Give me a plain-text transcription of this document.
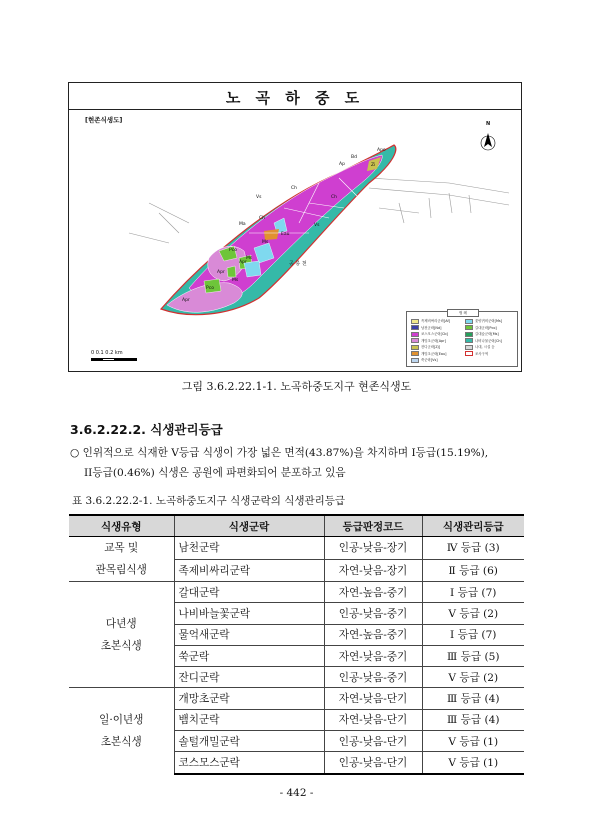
Ape
Ap
Bd
Ch
Ch
Ch
Vs
Vs
Ms
Ms
Eau
Pco
Pco
Apr
Apr
Apr
Ms
Zi
Ma
공 릉 천
노 곡 하 중 도
[현존식생도]	N
0 0.1 0.2 km
범 례
족제비싸리군락[Af]
남천군락[Nd]
코스모스군락[Cb]
개망초군락[Apr]
잔디군락[Zj]
개망초군락[Eau]
쑥군락[Vs]
꽃양귀비군락[Ms]
갈대군락[Pco]
갈대숲군락[Ms]
나비나물군락[Ch]
나대, 시설 등
조사구역
그림 3.6.2.22.1-1. 노곡하중도지구 현존식생도
3.6.2.22.2. 식생관리등급
○ 인위적으로 식재한 V등급 식생이 가장 넓은 면적(43.87%)을 차지하며 I등급(15.19%),
II등급(0.46%) 식생은 공원에 파편화되어 분포하고 있음
표 3.6.2.22.2-1. 노곡하중도지구 식생군락의 식생관리등급
식생유형	식생군락	등급판정코드	식생관리등급

교목 및
관목림식생	남천군락	인공-낮음-장기	Ⅳ 등급 (3)
	족제비싸리군락	자연-낮음-장기	Ⅱ 등급 (6)

다년생
초본식생	갈대군락	자연-높음-중기	Ⅰ 등급 (7)
	나비바늘꽃군락	인공-낮음-중기	Ⅴ 등급 (2)
	물억새군락	자연-높음-중기	Ⅰ 등급 (7)
	쑥군락	자연-낮음-중기	Ⅲ 등급 (5)
	잔디군락	인공-낮음-중기	Ⅴ 등급 (2)

일·이년생
초본식생	개망초군락	자연-낮음-단기	Ⅲ 등급 (4)
	뱀치군락	자연-낮음-단기	Ⅲ 등급 (4)
	솔털개밀군락	인공-낮음-단기	Ⅴ 등급 (1)
	코스모스군락	인공-낮음-단기	Ⅴ 등급 (1)
- 442 -
